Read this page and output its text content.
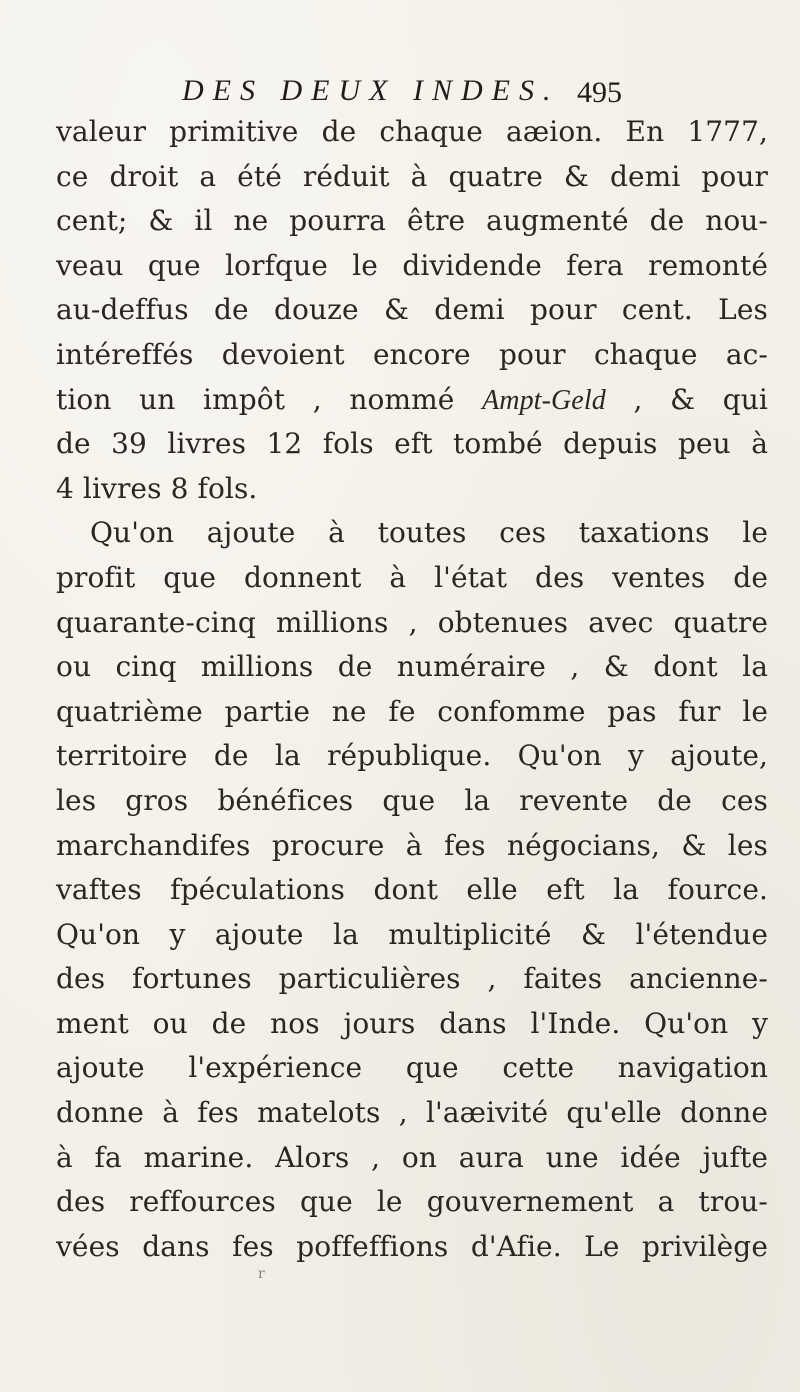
DES DEUX INDES. 495
valeur primitive de chaque aӕion. En 1777,
ce droit a été réduit à quatre & demi pour
cent; & il ne pourra être augmenté de nou-
veau que lorfque le dividende fera remonté
au-deffus de douze & demi pour cent. Les
intéreffés devoient encore pour chaque ac-
tion un impôt , nommé Ampt-Geld , & qui
de 39 livres 12 fols eft tombé depuis peu à
4 livres 8 fols.
Qu'on ajoute à toutes ces taxations le
profit que donnent à l'état des ventes de
quarante-cinq millions , obtenues avec quatre
ou cinq millions de numéraire , & dont la
quatrième partie ne fe confomme pas fur le
territoire de la république. Qu'on y ajoute,
les gros bénéfices que la revente de ces
marchandifes procure à fes négocians, & les
vaftes fpéculations dont elle eft la fource.
Qu'on y ajoute la multiplicité & l'étendue
des fortunes particulières , faites ancienne-
ment ou de nos jours dans l'Inde. Qu'on y
ajoute l'expérience que cette navigation
donne à fes matelots , l'aӕivité qu'elle donne
à fa marine. Alors , on aura une idée jufte
des reffources que le gouvernement a trou-
vées dans fes poffeffions d'Afie. Le privilège
r
